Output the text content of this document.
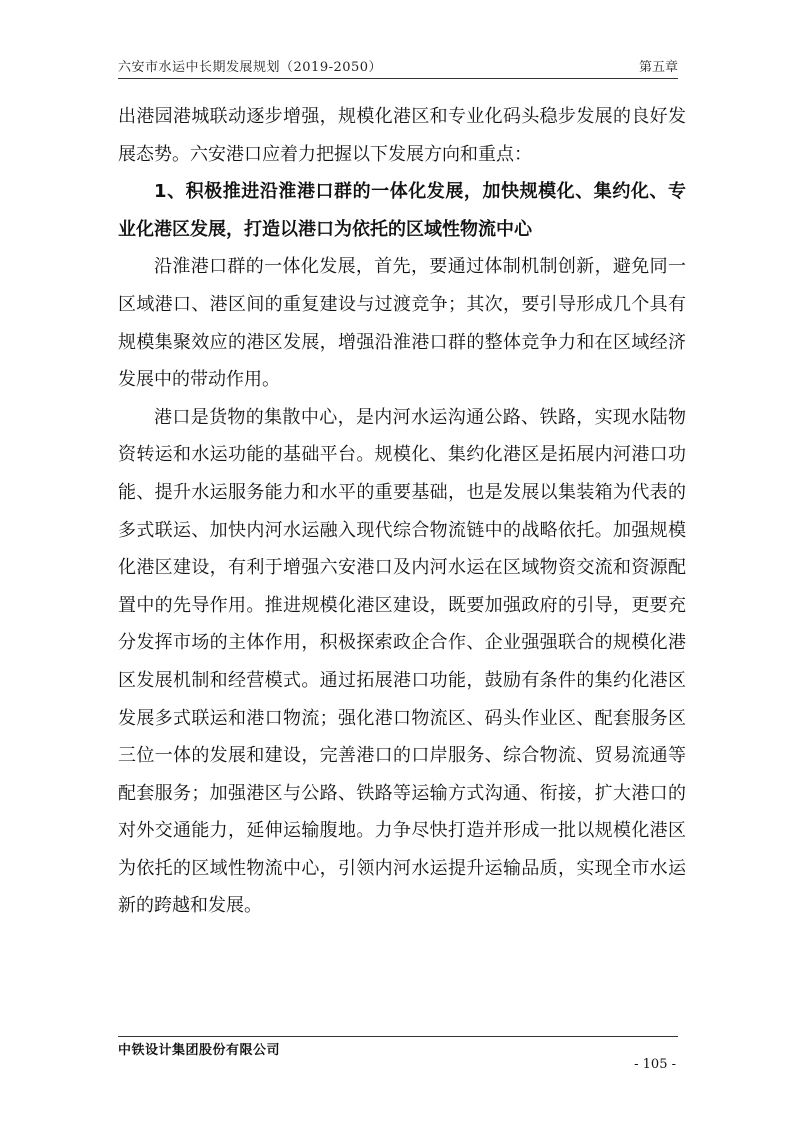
六安市水运中长期发展规划（2019-2050）	第五章

出港园港城联动逐步增强，规模化港区和专业化码头稳步发展的良好发展态势。六安港口应着力把握以下发展方向和重点：

1、积极推进沿淮港口群的一体化发展，加快规模化、集约化、专业化港区发展，打造以港口为依托的区域性物流中心

沿淮港口群的一体化发展，首先，要通过体制机制创新，避免同一区域港口、港区间的重复建设与过渡竞争；其次，要引导形成几个具有规模集聚效应的港区发展，增强沿淮港口群的整体竞争力和在区域经济发展中的带动作用。

港口是货物的集散中心，是内河水运沟通公路、铁路，实现水陆物资转运和水运功能的基础平台。规模化、集约化港区是拓展内河港口功能、提升水运服务能力和水平的重要基础，也是发展以集装箱为代表的多式联运、加快内河水运融入现代综合物流链中的战略依托。加强规模化港区建设，有利于增强六安港口及内河水运在区域物资交流和资源配置中的先导作用。推进规模化港区建设，既要加强政府的引导，更要充分发挥市场的主体作用，积极探索政企合作、企业强强联合的规模化港区发展机制和经营模式。通过拓展港口功能，鼓励有条件的集约化港区发展多式联运和港口物流；强化港口物流区、码头作业区、配套服务区三位一体的发展和建设，完善港口的口岸服务、综合物流、贸易流通等配套服务；加强港区与公路、铁路等运输方式沟通、衔接，扩大港口的对外交通能力，延伸运输腹地。力争尽快打造并形成一批以规模化港区为依托的区域性物流中心，引领内河水运提升运输品质，实现全市水运新的跨越和发展。

中铁设计集团股份有限公司
- 105 -
